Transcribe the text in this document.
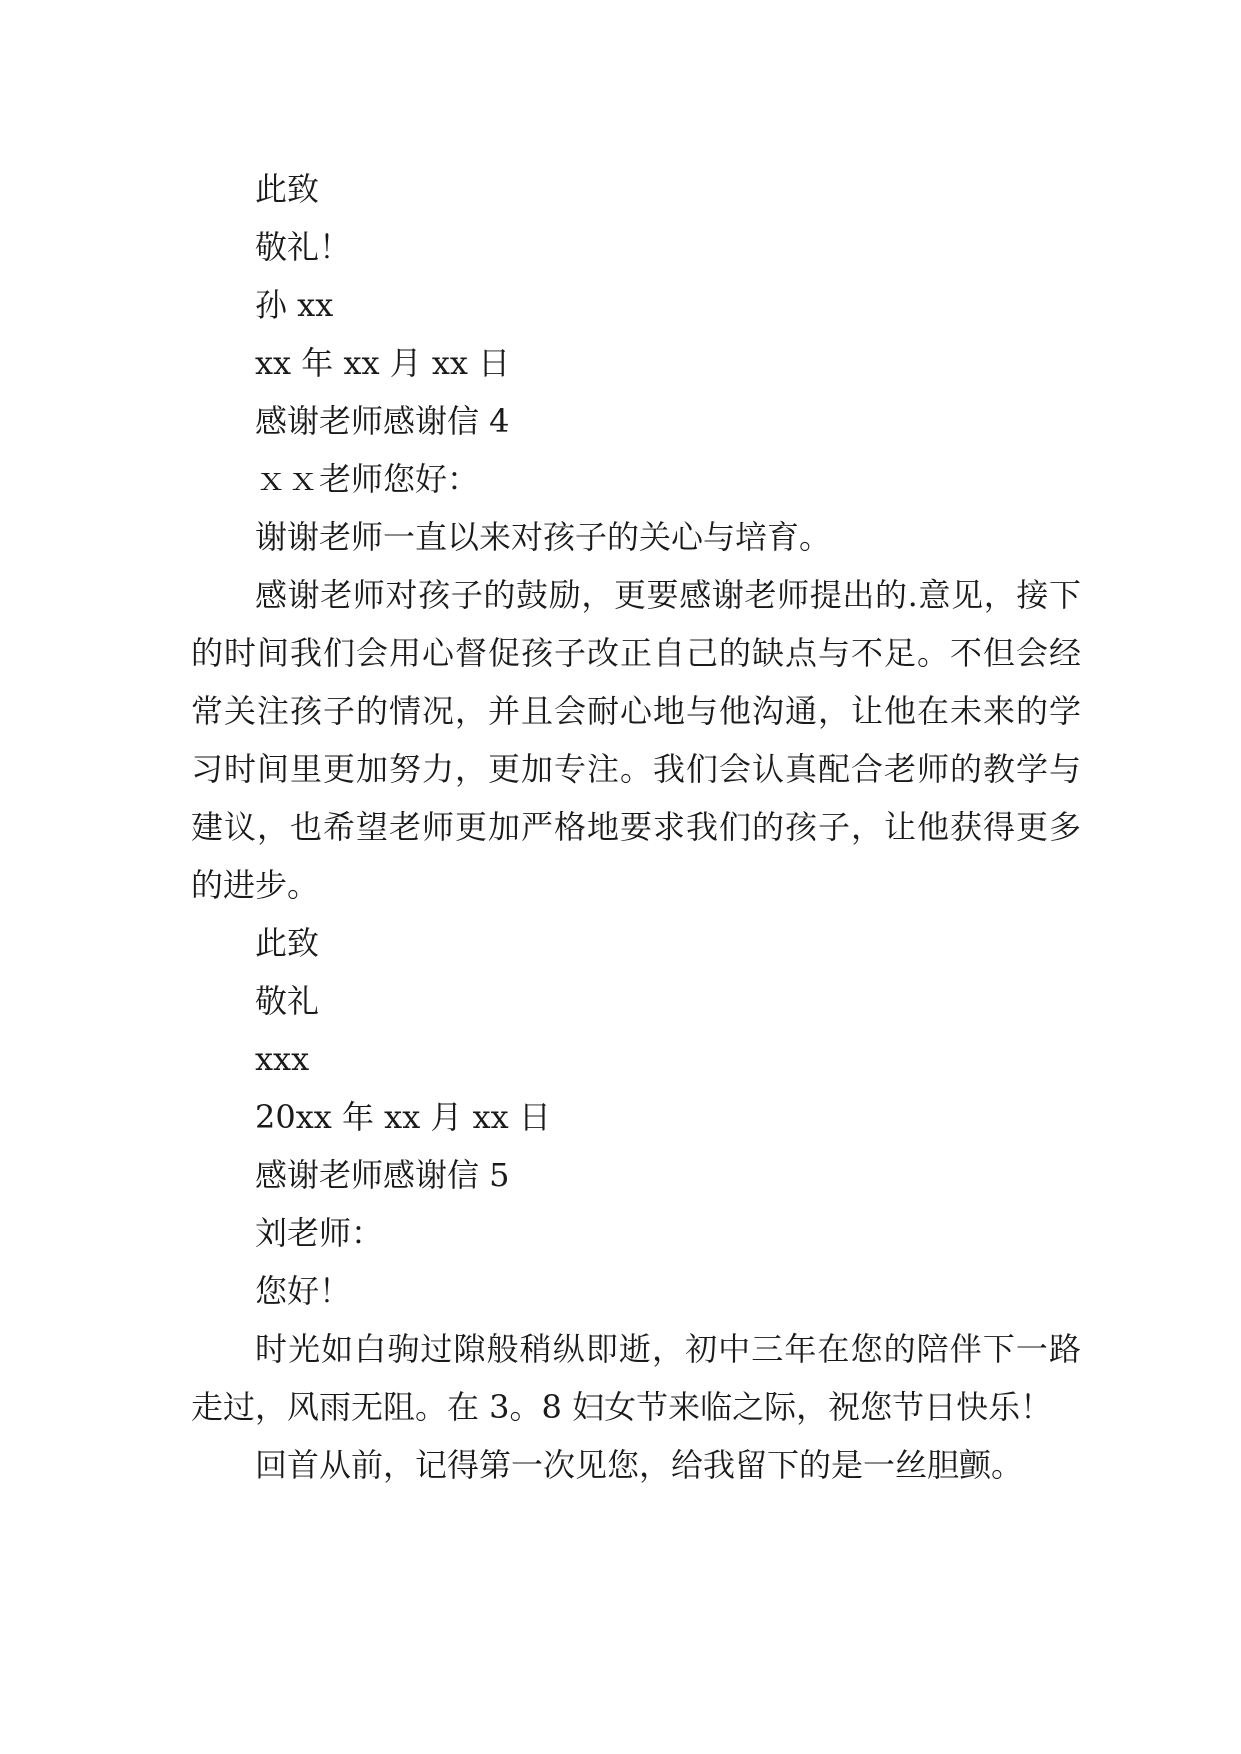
此致

敬礼！

孙 xx

xx 年 xx 月 xx 日

感谢老师感谢信 4

ｘｘ老师您好：

谢谢老师一直以来对孩子的关心与培育。

感谢老师对孩子的鼓励，更要感谢老师提出的.意见，接下的时间我们会用心督促孩子改正自己的缺点与不足。不但会经常关注孩子的情况，并且会耐心地与他沟通，让他在未来的学习时间里更加努力，更加专注。我们会认真配合老师的教学与建议，也希望老师更加严格地要求我们的孩子，让他获得更多的进步。

此致

敬礼

xxx

20xx 年 xx 月 xx 日

感谢老师感谢信 5

刘老师：

您好！

时光如白驹过隙般稍纵即逝，初中三年在您的陪伴下一路走过，风雨无阻。在 3。8 妇女节来临之际，祝您节日快乐！

回首从前，记得第一次见您，给我留下的是一丝胆颤。
